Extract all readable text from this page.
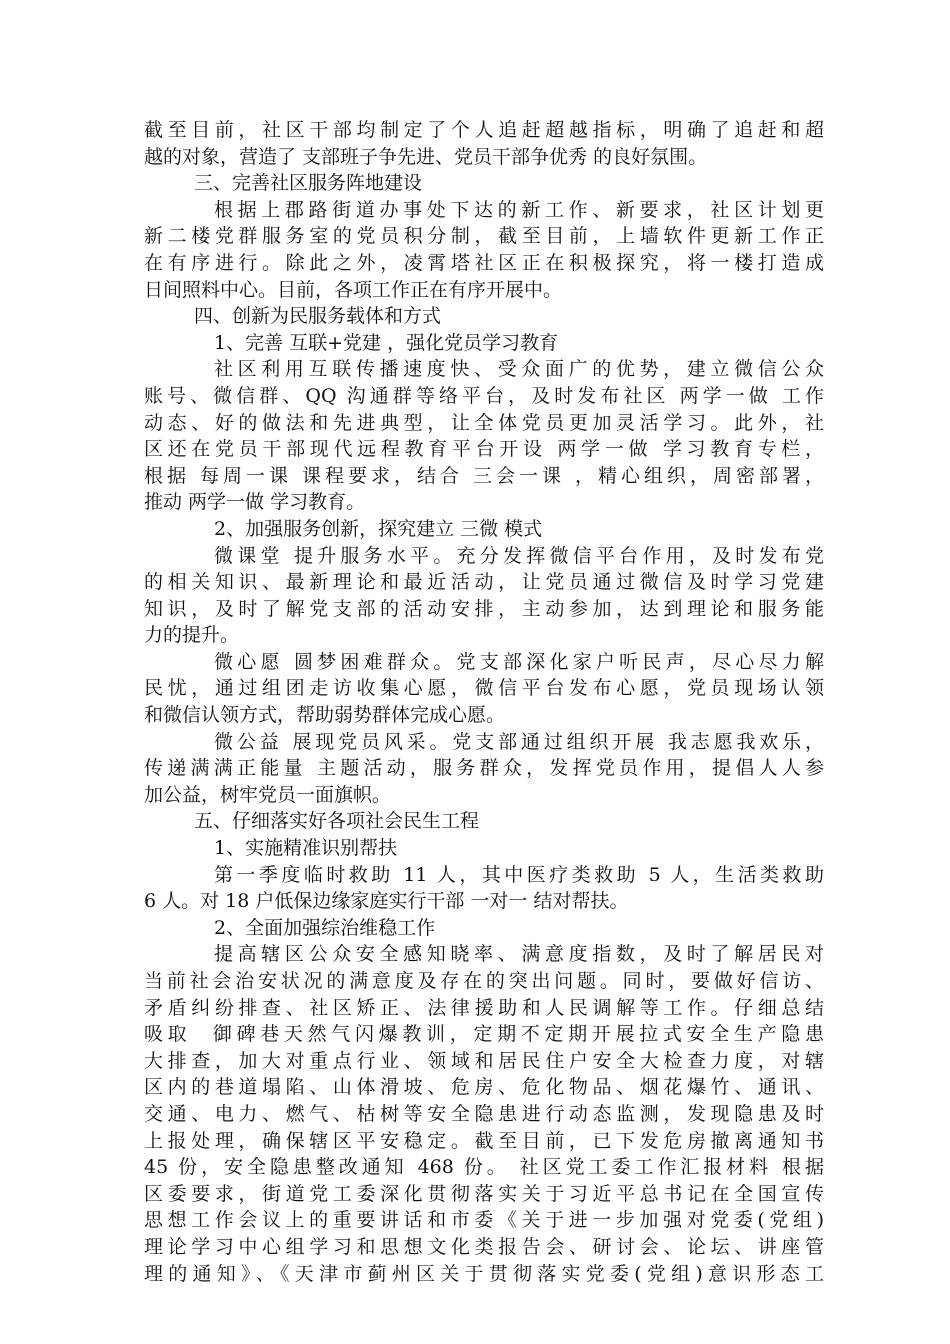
截至目前，社区干部均制定了个人追赶超越指标，明确了追赶和超
越的对象，营造了 支部班子争先进、党员干部争优秀 的良好氛围。
三、完善社区服务阵地建设
根据上郡路街道办事处下达的新工作、新要求，社区计划更
新二楼党群服务室的党员积分制，截至目前，上墙软件更新工作正
在有序进行。除此之外，凌霄塔社区正在积极探究，将一楼打造成
日间照料中心。目前，各项工作正在有序开展中。
四、创新为民服务载体和方式
1、完善 互联+党建 ，强化党员学习教育
社区利用互联传播速度快、受众面广的优势，建立微信公众
账号、微信群、QQ 沟通群等络平台，及时发布社区 两学一做 工作
动态、好的做法和先进典型，让全体党员更加灵活学习。此外，社
区还在党员干部现代远程教育平台开设 两学一做 学习教育专栏，
根据 每周一课 课程要求，结合 三会一课 ，精心组织，周密部署，
推动 两学一做 学习教育。
2、加强服务创新，探究建立 三微 模式
微课堂 提升服务水平。充分发挥微信平台作用，及时发布党
的相关知识、最新理论和最近活动，让党员通过微信及时学习党建
知识，及时了解党支部的活动安排，主动参加，达到理论和服务能
力的提升。
微心愿 圆梦困难群众。党支部深化家户听民声，尽心尽力解
民忧，通过组团走访收集心愿，微信平台发布心愿，党员现场认领
和微信认领方式，帮助弱势群体完成心愿。
微公益 展现党员风采。党支部通过组织开展 我志愿我欢乐，
传递满满正能量 主题活动，服务群众，发挥党员作用，提倡人人参
加公益，树牢党员一面旗帜。
五、仔细落实好各项社会民生工程
1、实施精准识别帮扶
第一季度临时救助 11 人，其中医疗类救助 5 人，生活类救助
6 人。对 18 户低保边缘家庭实行干部 一对一 结对帮扶。
2、全面加强综治维稳工作
提高辖区公众安全感知晓率、满意度指数，及时了解居民对
当前社会治安状况的满意度及存在的突出问题。同时，要做好信访、
矛盾纠纷排查、社区矫正、法律援助和人民调解等工作。仔细总结
吸取  御碑巷天然气闪爆教训，定期不定期开展拉式安全生产隐患
大排查，加大对重点行业、领域和居民住户安全大检查力度，对辖
区内的巷道塌陷、山体滑坡、危房、危化物品、烟花爆竹、通讯、
交通、电力、燃气、枯树等安全隐患进行动态监测，发现隐患及时
上报处理，确保辖区平安稳定。截至目前，已下发危房撤离通知书
45 份，安全隐患整改通知 468 份。 社区党工委工作汇报材料 根据
区委要求，街道党工委深化贯彻落实关于习近平总书记在全国宣传
思想工作会议上的重要讲话和市委《关于进一步加强对党委(党组)
理论学习中心组学习和思想文化类报告会、研讨会、论坛、讲座管
理的通知》、《天津市蓟州区关于贯彻落实党委(党组)意识形态工
